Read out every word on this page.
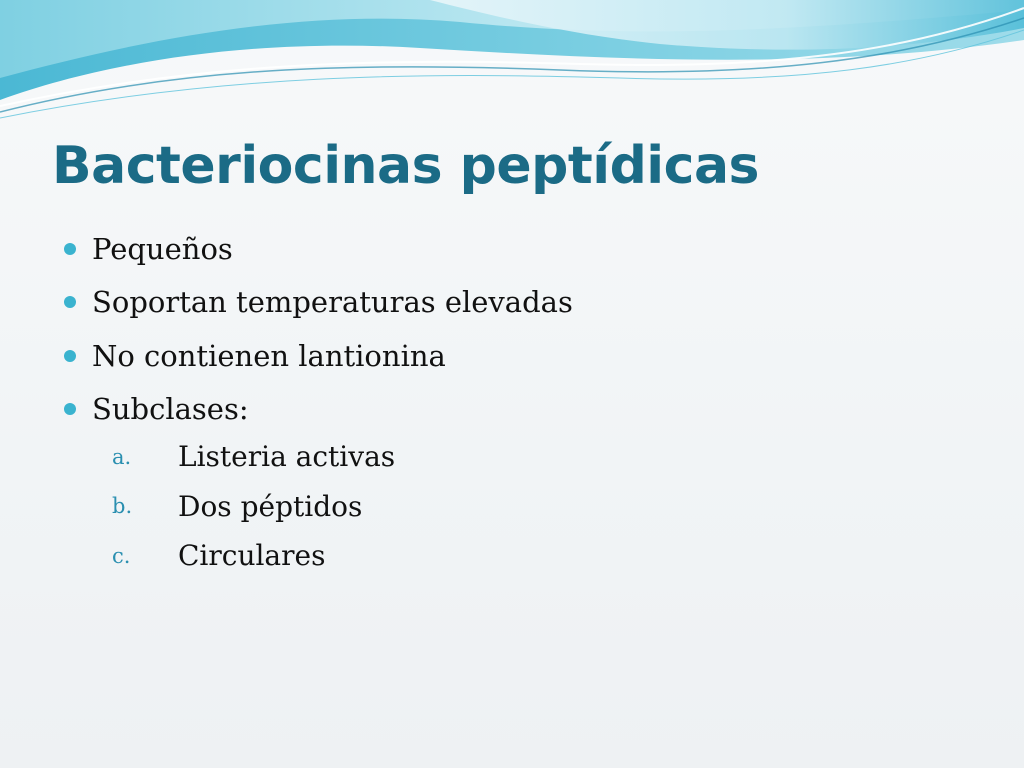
Bacteriocinas peptídicas
Pequeños
Soportan temperaturas elevadas
No contienen lantionina
Subclases:
a. Listeria activas
b. Dos péptidos
c. Circulares
